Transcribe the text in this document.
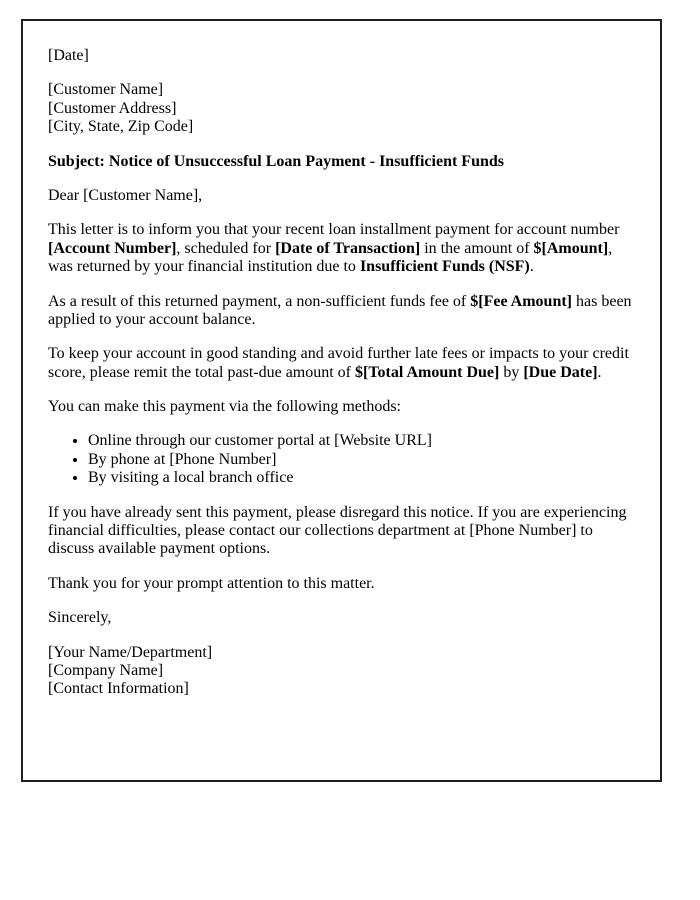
[Date]

[Customer Name]
[Customer Address]
[City, State, Zip Code]

Subject: Notice of Unsuccessful Loan Payment - Insufficient Funds

Dear [Customer Name],

This letter is to inform you that your recent loan installment payment for account number [Account Number], scheduled for [Date of Transaction] in the amount of $[Amount], was returned by your financial institution due to Insufficient Funds (NSF).

As a result of this returned payment, a non-sufficient funds fee of $[Fee Amount] has been applied to your account balance.

To keep your account in good standing and avoid further late fees or impacts to your credit score, please remit the total past-due amount of $[Total Amount Due] by [Due Date].

You can make this payment via the following methods:

• Online through our customer portal at [Website URL]
• By phone at [Phone Number]
• By visiting a local branch office

If you have already sent this payment, please disregard this notice. If you are experiencing financial difficulties, please contact our collections department at [Phone Number] to discuss available payment options.

Thank you for your prompt attention to this matter.

Sincerely,

[Your Name/Department]
[Company Name]
[Contact Information]
